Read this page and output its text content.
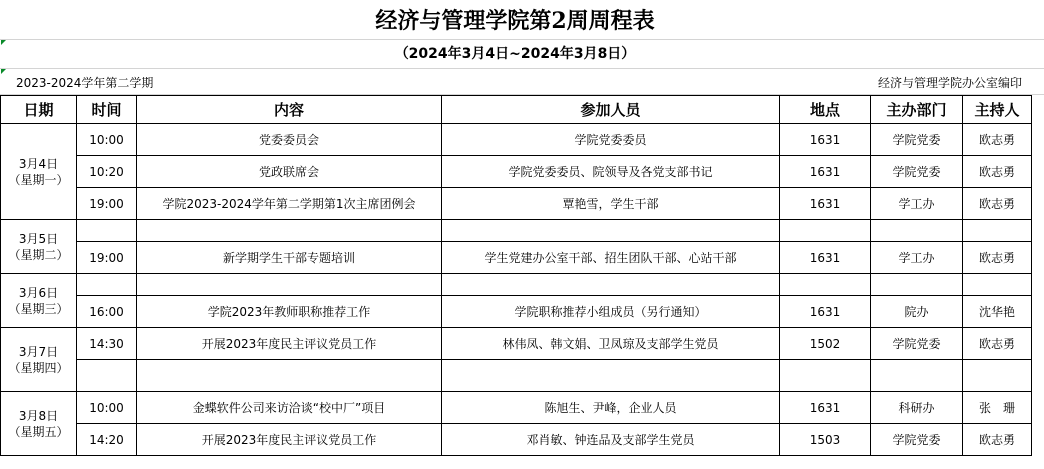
经济与管理学院第2周周程表
（2024年3月4日~2024年3月8日）
2023-2024学年第二学期	经济与管理学院办公室编印
日期	时间	内容	参加人员	地点	主办部门	主持人

3月4日
（星期一）	10:00	党委委员会	学院党委委员	1631	学院党委	欧志勇
	10:20	党政联席会	学院党委委员、院领导及各党支部书记	1631	学院党委	欧志勇
	19:00	学院2023-2024学年第二学期第1次主席团例会	覃艳雪，学生干部	1631	学工办	欧志勇

3月5日
（星期二）						

	19:00	新学期学生干部专题培训	学生党建办公室干部、招生团队干部、心站干部	1631	学工办	欧志勇

3月6日
（星期三）						

	16:00	学院2023年教师职称推荐工作	学院职称推荐小组成员（另行通知）	1631	院办	沈华艳

3月7日
（星期四）	14:30	开展2023年度民主评议党员工作	林伟凤、韩文娟、卫凤琼及支部学生党员	1502	学院党委	欧志勇

3月8日
（星期五）	10:00	金蝶软件公司来访洽谈“校中厂”项目	陈旭生、尹峰，企业人员	1631	科研办	张　珊
	14:20	开展2023年度民主评议党员工作	邓肖敏、钟连品及支部学生党员	1503	学院党委	欧志勇
